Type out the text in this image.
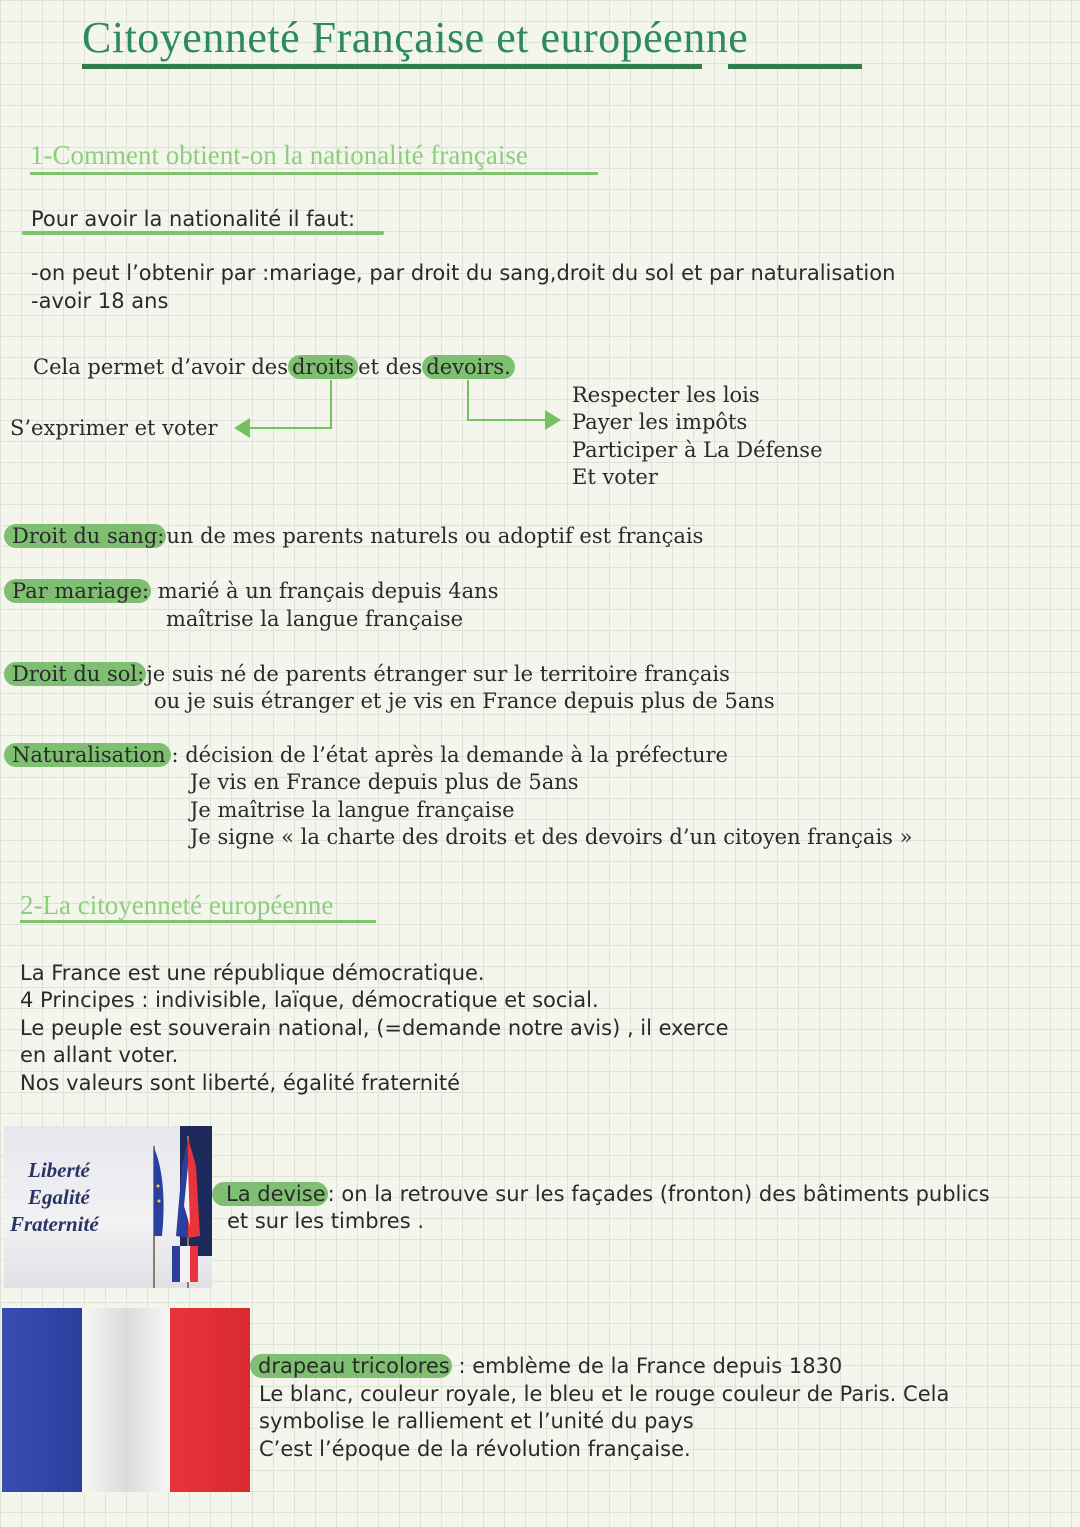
Citoyenneté Française et européenne
1-Comment obtient-on la nationalité française
Pour avoir la nationalité il faut:
-on peut l’obtenir par :mariage, par droit du sang,droit du sol et par naturalisation
-avoir 18 ans
Cela permet d’avoir des droits et des devoirs.
S’exprimer et voter
Respecter les lois
Payer les impôts
Participer à La Défense
Et voter
Droit du sang:un de mes parents naturels ou adoptif est français
Par mariage: marié à un français depuis 4ans
maîtrise la langue française
Droit du sol:je suis né de parents étranger sur le territoire français
ou je suis étranger et je vis en France depuis plus de 5ans
Naturalisation : décision de l’état après la demande à la préfecture
Je vis en France depuis plus de 5ans
Je maîtrise la langue française
Je signe « la charte des droits et des devoirs d’un citoyen français »
2-La citoyenneté européenne
La France est une république démocratique.
4 Principes : indivisible, laïque, démocratique et social.
Le peuple est souverain national, (=demande notre avis) , il exerce
en allant voter.
Nos valeurs sont liberté, égalité fraternité
Liberté
Egalité
Fraternité
La devise: on la retrouve sur les façades (fronton) des bâtiments publics
et sur les timbres .
drapeau tricolores : emblème de la France depuis 1830
Le blanc, couleur royale, le bleu et le rouge couleur de Paris. Cela
symbolise le ralliement et l’unité du pays
C’est l’époque de la révolution française.
